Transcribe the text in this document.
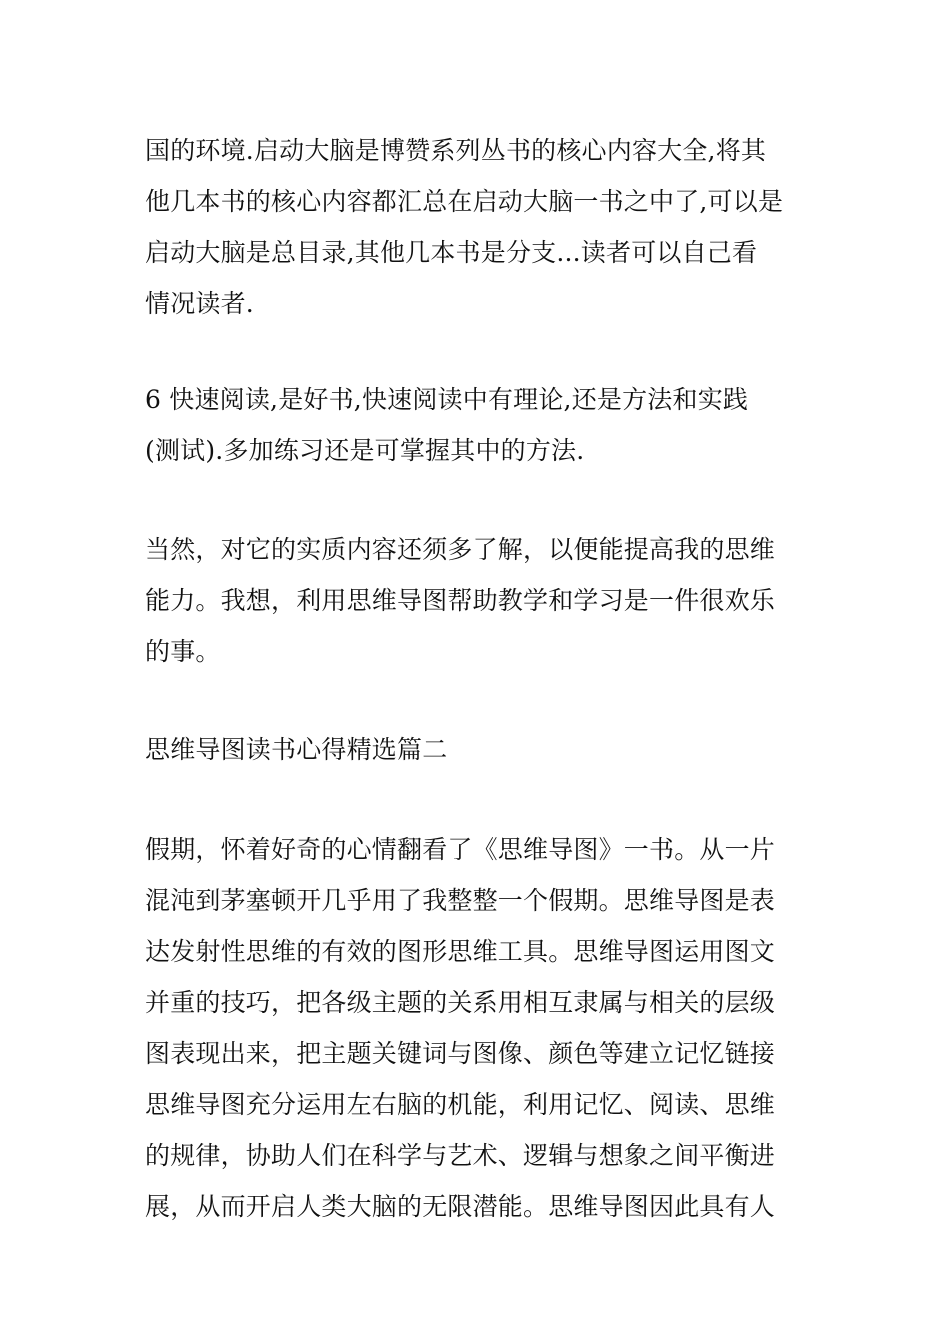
国的环境.启动大脑是博赞系列丛书的核心内容大全,将其
他几本书的核心内容都汇总在启动大脑一书之中了,可以是
启动大脑是总目录,其他几本书是分支...读者可以自己看
情况读者.
6 快速阅读,是好书,快速阅读中有理论,还是方法和实践
(测试).多加练习还是可掌握其中的方法.
当然，对它的实质内容还须多了解，以便能提高我的思维
能力。我想，利用思维导图帮助教学和学习是一件很欢乐
的事。
思维导图读书心得精选篇二
假期，怀着好奇的心情翻看了《思维导图》一书。从一片
混沌到茅塞顿开几乎用了我整整一个假期。思维导图是表
达发射性思维的有效的图形思维工具。思维导图运用图文
并重的技巧，把各级主题的关系用相互隶属与相关的层级
图表现出来，把主题关键词与图像、颜色等建立记忆链接
思维导图充分运用左右脑的机能，利用记忆、阅读、思维
的规律，协助人们在科学与艺术、逻辑与想象之间平衡进
展，从而开启人类大脑的无限潜能。思维导图因此具有人
